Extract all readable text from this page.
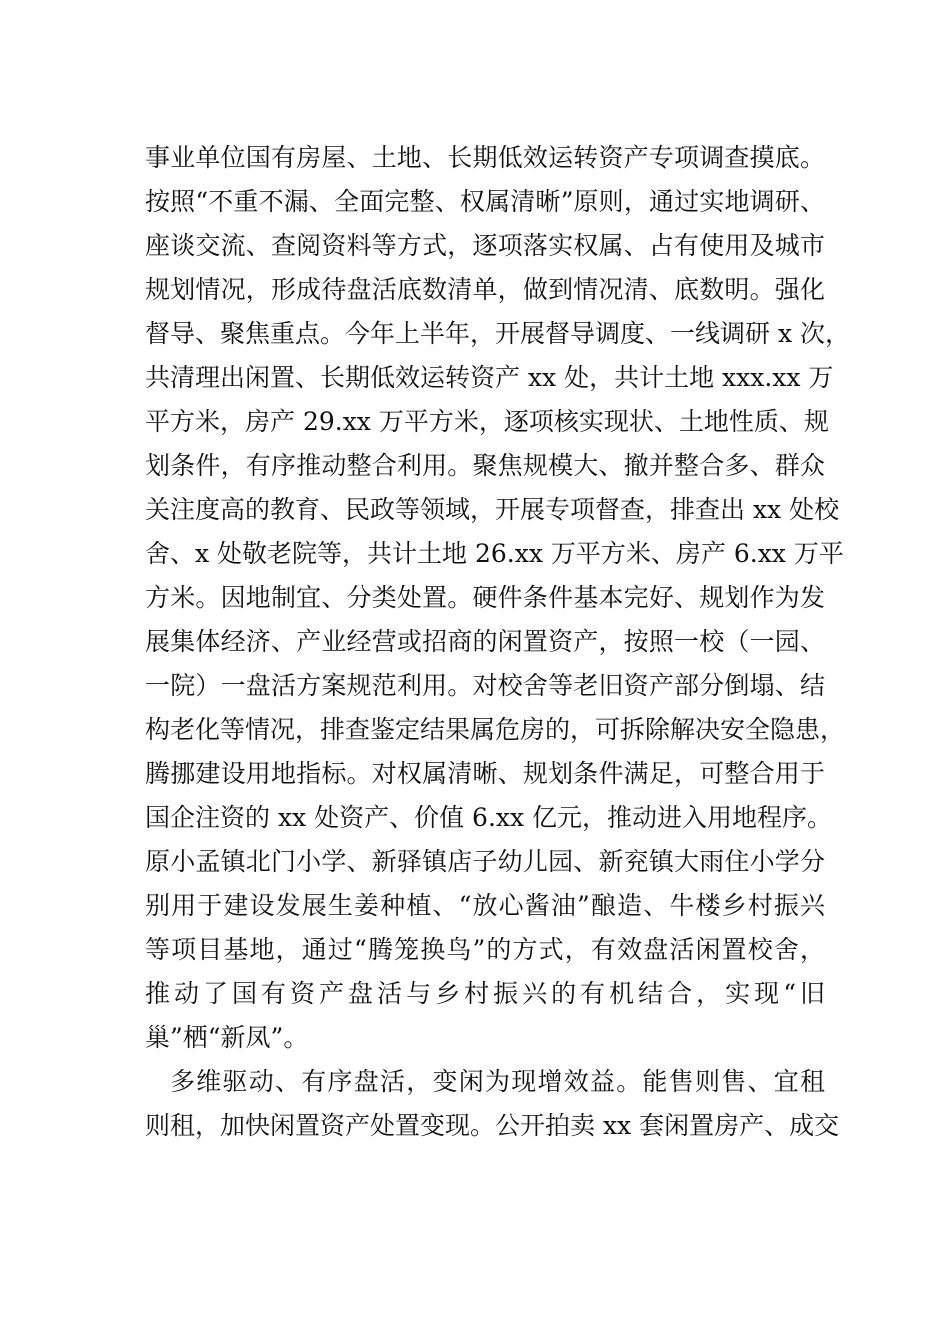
事业单位国有房屋、土地、长期低效运转资产专项调查摸底。
按照“不重不漏、全面完整、权属清晰”原则，通过实地调研、
座谈交流、查阅资料等方式，逐项落实权属、占有使用及城市
规划情况，形成待盘活底数清单，做到情况清、底数明。强化
督导、聚焦重点。今年上半年，开展督导调度、一线调研 x 次，
共清理出闲置、长期低效运转资产 xx 处，共计土地 xxx.xx 万
平方米，房产 29.xx 万平方米，逐项核实现状、土地性质、规
划条件，有序推动整合利用。聚焦规模大、撤并整合多、群众
关注度高的教育、民政等领域，开展专项督查，排查出 xx 处校
舍、x 处敬老院等，共计土地 26.xx 万平方米、房产 6.xx 万平
方米。因地制宜、分类处置。硬件条件基本完好、规划作为发
展集体经济、产业经营或招商的闲置资产，按照一校（一园、
一院）一盘活方案规范利用。对校舍等老旧资产部分倒塌、结
构老化等情况，排查鉴定结果属危房的，可拆除解决安全隐患，
腾挪建设用地指标。对权属清晰、规划条件满足，可整合用于
国企注资的 xx 处资产、价值 6.xx 亿元，推动进入用地程序。
原小孟镇北门小学、新驿镇店子幼儿园、新兖镇大雨住小学分
别用于建设发展生姜种植、“放心酱油”酿造、牛楼乡村振兴
等项目基地，通过“腾笼换鸟”的方式，有效盘活闲置校舍，
推动了国有资产盘活与乡村振兴的有机结合，实现“旧
巢”栖“新凤”。
多维驱动、有序盘活，变闲为现增效益。能售则售、宜租
则租，加快闲置资产处置变现。公开拍卖 xx 套闲置房产、成交
